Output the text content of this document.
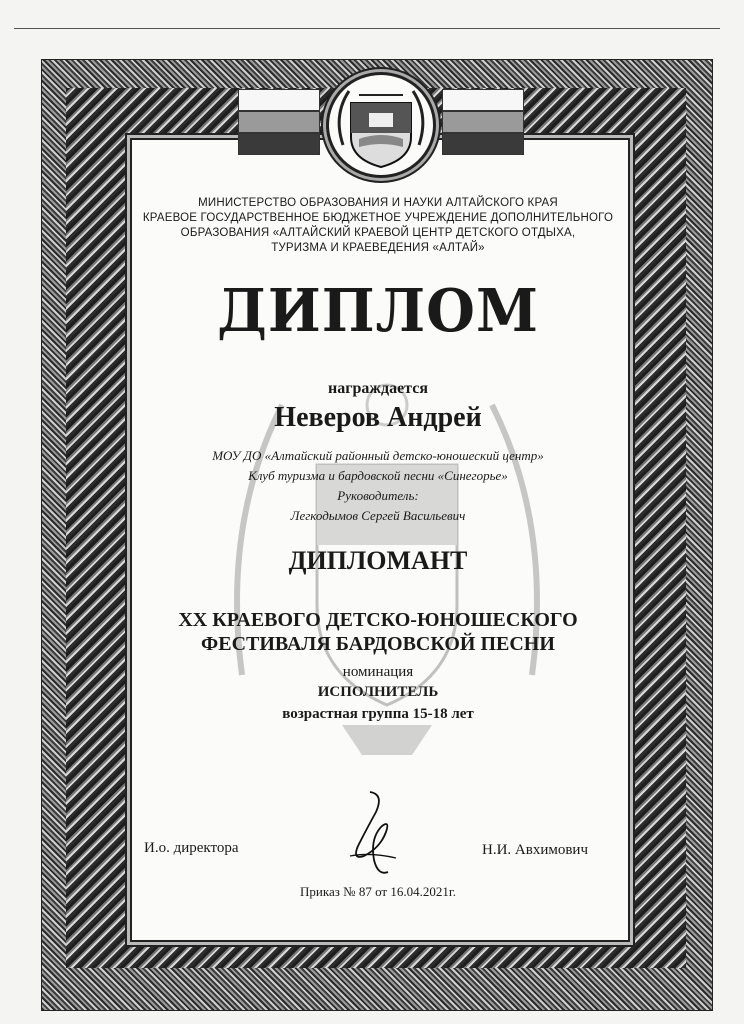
МИНИСТЕРСТВО ОБРАЗОВАНИЯ И НАУКИ АЛТАЙСКОГО КРАЯ
КРАЕВОЕ ГОСУДАРСТВЕННОЕ БЮДЖЕТНОЕ УЧРЕЖДЕНИЕ ДОПОЛНИТЕЛЬНОГО
ОБРАЗОВАНИЯ «АЛТАЙСКИЙ КРАЕВОЙ ЦЕНТР ДЕТСКОГО ОТДЫХА,
ТУРИЗМА И КРАЕВЕДЕНИЯ «АЛТАЙ»
ДИПЛОМ
награждается
Неверов Андрей
МОУ ДО «Алтайский районный детско-юношеский центр»
Клуб туризма и бардовской песни «Синегорье»
Руководитель:
Легкодымов Сергей Васильевич
ДИПЛОМАНТ
XX КРАЕВОГО ДЕТСКО-ЮНОШЕСКОГО
ФЕСТИВАЛЯ БАРДОВСКОЙ ПЕСНИ
номинация
ИСПОЛНИТЕЛЬ
возрастная группа 15-18 лет
И.о. директора	Н.И. Авхимович
Приказ № 87 от 16.04.2021г.
